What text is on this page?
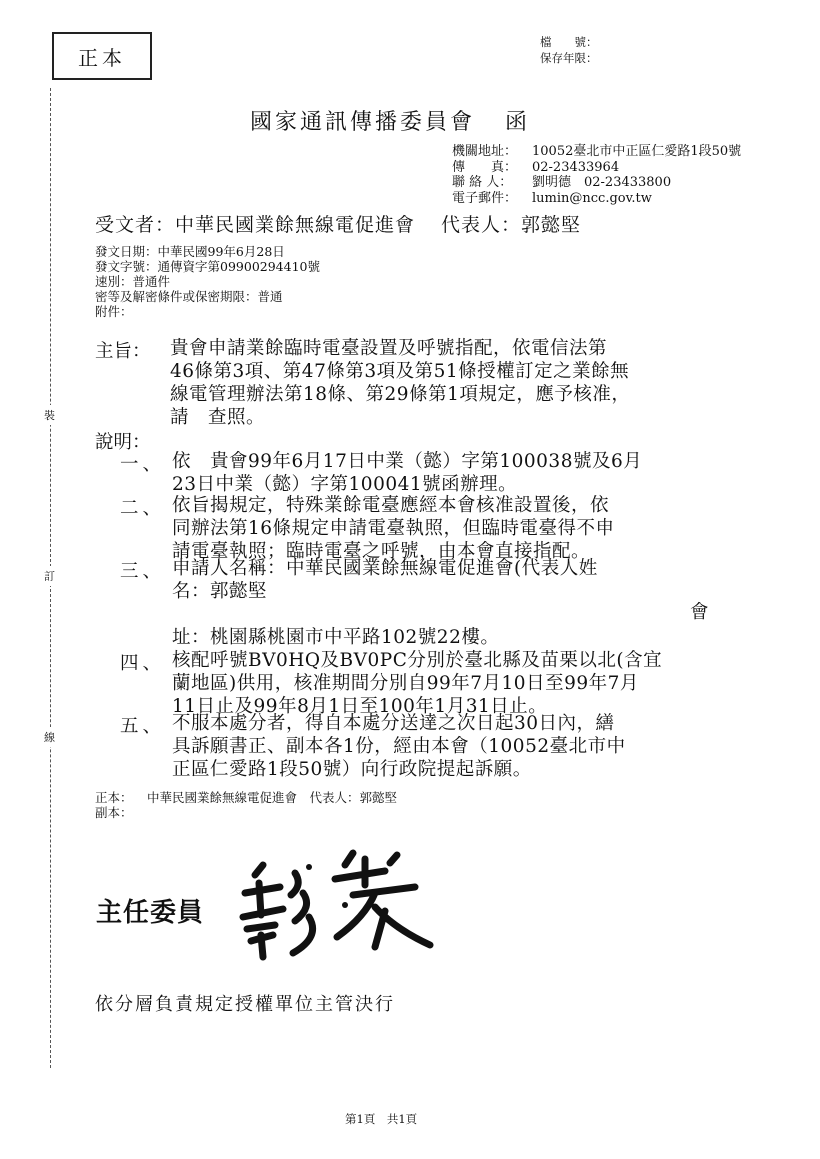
裝
訂
線
正本
檔　　號：
保存年限：
國家通訊傳播委員會 函
機關地址：	10052臺北市中正區仁愛路1段50號
傳　　真：	02-23433964
聯 絡 人：	劉明德　02-23433800
電子郵件：	lumin@ncc.gov.tw
受文者：中華民國業餘無線電促進會 代表人：郭懿堅
發文日期： 中華民國99年6月28日
發文字號： 通傳資字第09900294410號
速別： 普通件
密等及解密條件或保密期限： 普通
附件：
主旨： 貴會申請業餘臨時電臺設置及呼號指配，依電信法第
46條第3項、第47條第3項及第51條授權訂定之業餘無
線電管理辦法第18條、第29條第1項規定，應予核准，
請　查照。
說明：
一、 依　貴會99年6月17日中業（懿）字第100038號及6月
23日中業（懿）字第100041號函辦理。
二、 依旨揭規定，特殊業餘電臺應經本會核准設置後，依
同辦法第16條規定申請電臺執照，但臨時電臺得不申
請電臺執照；臨時電臺之呼號，由本會直接指配。
三、 申請人名稱：中華民國業餘無線電促進會(代表人姓
名：郭懿堅
會
址：桃園縣桃園市中平路102號22樓。
四、 核配呼號BV0HQ及BV0PC分別於臺北縣及苗栗以北(含宜
蘭地區)供用，核准期間分別自99年7月10日至99年7月
11日止及99年8月1日至100年1月31日止。
五、 不服本處分者，得自本處分送達之次日起30日內，繕
具訴願書正、副本各1份，經由本會（10052臺北市中
正區仁愛路1段50號）向行政院提起訴願。
正本：	中華民國業餘無線電促進會　代表人：郭懿堅
副本：
主任委員
依分層負責規定授權單位主管決行
第1頁　共1頁
